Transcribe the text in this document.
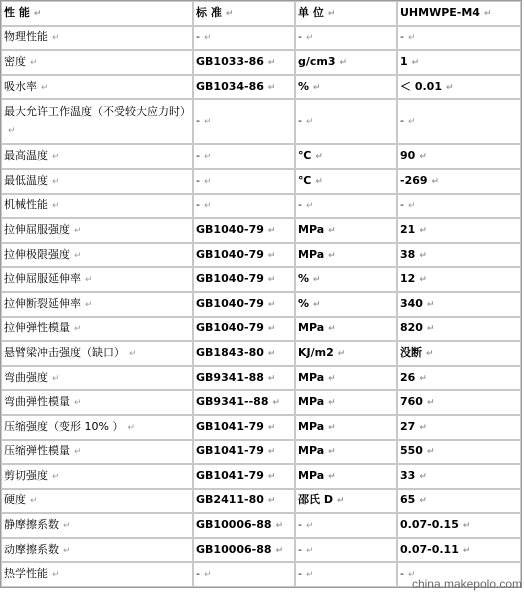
性 能 ↵	标 准 ↵	单 位 ↵	UHMWPE-M4 ↵
物理性能 ↵	- ↵	- ↵	- ↵
密度 ↵	GB1033-86 ↵	g/cm3 ↵	1 ↵
吸水率 ↵	GB1034-86 ↵	% ↵	＜ 0.01 ↵
最大允许工作温度（不受较大应力时）↵	- ↵	- ↵	- ↵
最高温度 ↵	- ↵	℃ ↵	90 ↵
最低温度 ↵	- ↵	℃ ↵	-269 ↵
机械性能 ↵	- ↵	- ↵	- ↵
拉伸屈服强度 ↵	GB1040-79 ↵	MPa ↵	21 ↵
拉伸极限强度 ↵	GB1040-79 ↵	MPa ↵	38 ↵
拉伸屈服延伸率 ↵	GB1040-79 ↵	% ↵	12 ↵
拉伸断裂延伸率 ↵	GB1040-79 ↵	% ↵	340 ↵
拉伸弹性模量 ↵	GB1040-79 ↵	MPa ↵	820 ↵
悬臂梁冲击强度（缺口） ↵	GB1843-80 ↵	KJ/m2 ↵	没断 ↵
弯曲强度 ↵	GB9341-88 ↵	MPa ↵	26 ↵
弯曲弹性模量 ↵	GB9341--88 ↵	MPa ↵	760 ↵
压缩强度（变形 10% ） ↵	GB1041-79 ↵	MPa ↵	27 ↵
压缩弹性模量 ↵	GB1041-79 ↵	MPa ↵	550 ↵
剪切强度 ↵	GB1041-79 ↵	MPa ↵	33 ↵
硬度 ↵	GB2411-80 ↵	邵氏 D ↵	65 ↵
静摩擦系数 ↵	GB10006-88 ↵	- ↵	0.07-0.15 ↵
动摩擦系数 ↵	GB10006-88 ↵	- ↵	0.07-0.11 ↵
热学性能 ↵	- ↵	- ↵	- ↵
china.makepolo.com
